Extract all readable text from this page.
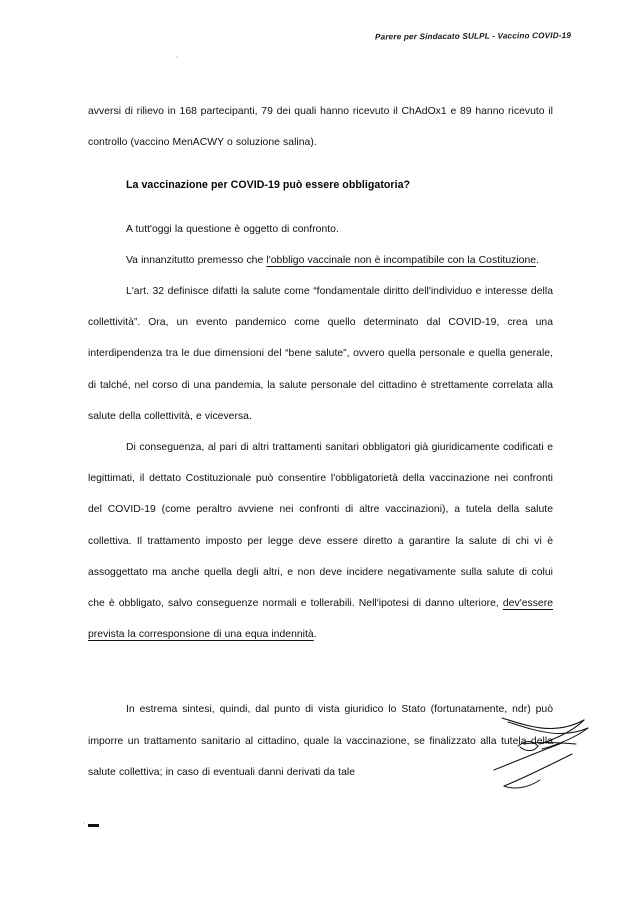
Parere per Sindacato SULPL - Vaccino COVID-19

avversi di rilievo in 168 partecipanti, 79 dei quali hanno ricevuto il ChAdOx1 e 89 hanno ricevuto il controllo (vaccino MenACWY o soluzione salina).

La vaccinazione per COVID-19 può essere obbligatoria?

A tutt'oggi la questione è oggetto di confronto.

Va innanzitutto premesso che l'obbligo vaccinale non è incompatibile con la Costituzione.

L'art. 32 definisce difatti la salute come “fondamentale diritto dell'individuo e interesse della collettività”. Ora, un evento pandemico come quello determinato dal COVID-19, crea una interdipendenza tra le due dimensioni del “bene salute”, ovvero quella personale e quella generale, di talché, nel corso di una pandemia, la salute personale del cittadino è strettamente correlata alla salute della collettività, e viceversa.

Di conseguenza, al pari di altri trattamenti sanitari obbligatori già giuridicamente codificati e legittimati, il dettato Costituzionale può consentire l'obbligatorietà della vaccinazione nei confronti del COVID-19 (come peraltro avviene nei confronti di altre vaccinazioni), a tutela della salute collettiva. Il trattamento imposto per legge deve essere diretto a garantire la salute di chi vi è assoggettato ma anche quella degli altri, e non deve incidere negativamente sulla salute di colui che è obbligato, salvo conseguenze normali e tollerabili. Nell'ipotesi di danno ulteriore, dev'essere prevista la corresponsione di una equa indennità.

In estrema sintesi, quindi, dal punto di vista giuridico lo Stato (fortunatamente, ndr) può imporre un trattamento sanitario al cittadino, quale la vaccinazione, se finalizzato alla tutela della salute collettiva; in caso di eventuali danni derivati da tale
